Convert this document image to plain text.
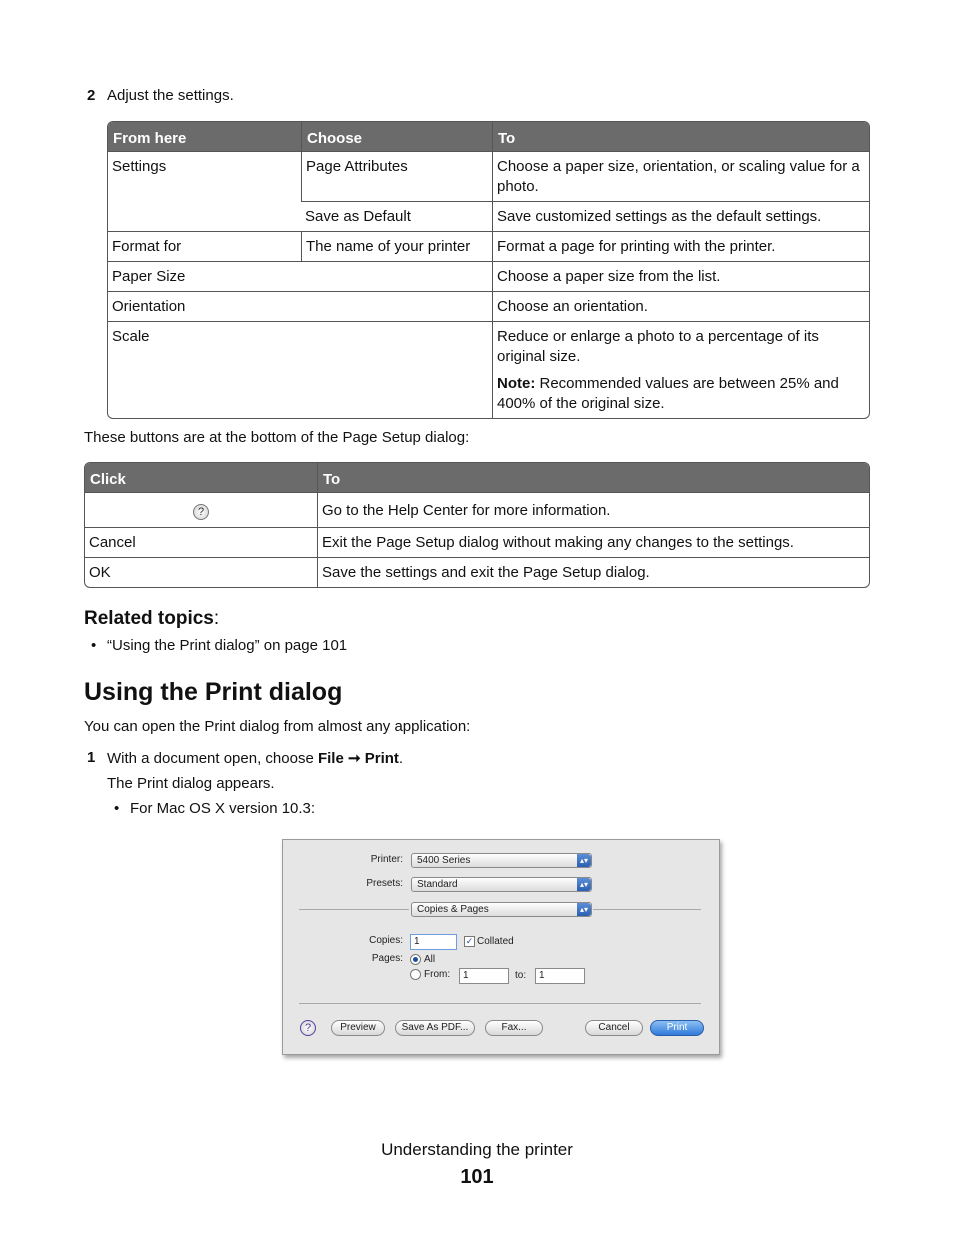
2 Adjust the settings.
From here	Choose	To
Settings	Page Attributes	Choose a paper size, orientation, or scaling value for a photo.
	Save as Default	Save customized settings as the default settings.
Format for	The name of your printer	Format a page for printing with the printer.
Paper Size		Choose a paper size from the list.
Orientation		Choose an orientation.
Scale		Reduce or enlarge a photo to a percentage of its original size.
Note: Recommended values are between 25% and 400% of the original size.
These buttons are at the bottom of the Page Setup dialog:
Click	To
?	Go to the Help Center for more information.
Cancel	Exit the Page Setup dialog without making any changes to the settings.
OK	Save the settings and exit the Page Setup dialog.
Related topics:
• “Using the Print dialog” on page 101
Using the Print dialog
You can open the Print dialog from almost any application:
1 With a document open, choose File ➞ Print.
The Print dialog appears.
• For Mac OS X version 10.3:
Printer:	5400 Series	▴▾
Presets:	Standard	▴▾
Copies & Pages	▴▾
Copies:	1	✓ Collated
Pages: All
From:	1	to:	1
?	Preview	Save As PDF...	Fax...	Cancel	Print
Understanding the printer
101
